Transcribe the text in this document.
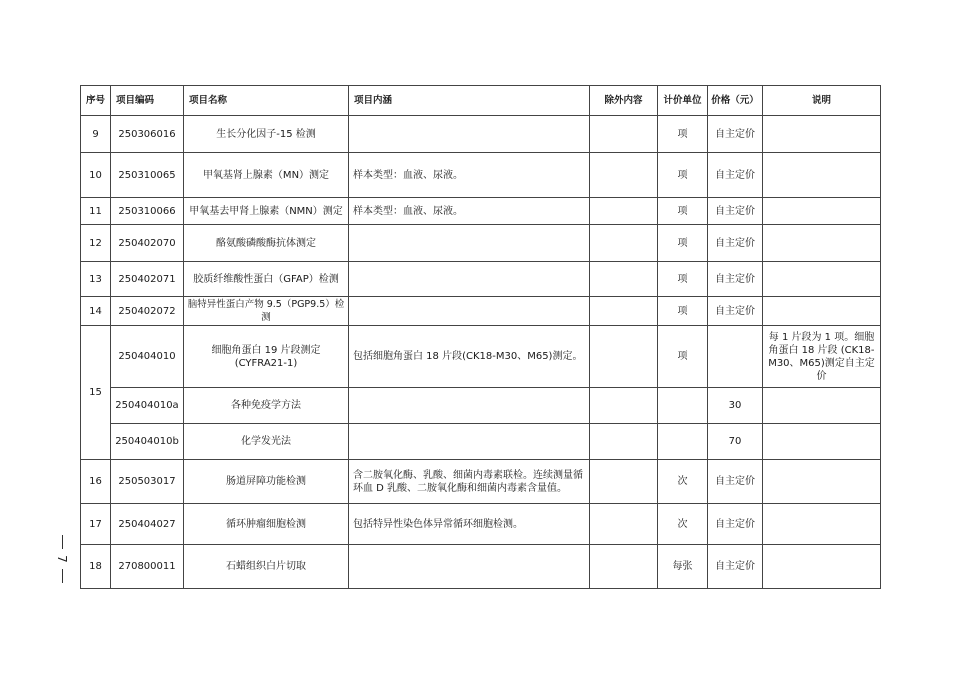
7
序号	项目编码	项目名称	项目内涵	除外内容	计价单位	价格（元）	说明
9	250306016	生长分化因子-15 检测			项	自主定价	
10	250310065	甲氧基肾上腺素（MN）测定	样本类型：血液、尿液。		项	自主定价	
11	250310066	甲氧基去甲肾上腺素（NMN）测定	样本类型：血液、尿液。		项	自主定价	
12	250402070	酪氨酸磷酸酶抗体测定			项	自主定价	
13	250402071	胶质纤维酸性蛋白（GFAP）检测			项	自主定价	
14	250402072	脑特异性蛋白产物 9.5（PGP9.5）检测			项	自主定价	
15	250404010	细胞角蛋白 19 片段测定 (CYFRA21-1)	包括细胞角蛋白 18 片段(CK18-M30、M65)测定。		项		每 1 片段为 1 项。细胞角蛋白 18 片段 (CK18-M30、M65)测定自主定价
	250404010a	各种免疫学方法				30	
	250404010b	化学发光法				70	
16	250503017	肠道屏障功能检测	含二胺氧化酶、乳酸、细菌内毒素联检。连续测量循环血 D 乳酸、二胺氧化酶和细菌内毒素含量值。		次	自主定价	
17	250404027	循环肿瘤细胞检测	包括特异性染色体异常循环细胞检测。		次	自主定价	
18	270800011	石蜡组织白片切取			每张	自主定价	
